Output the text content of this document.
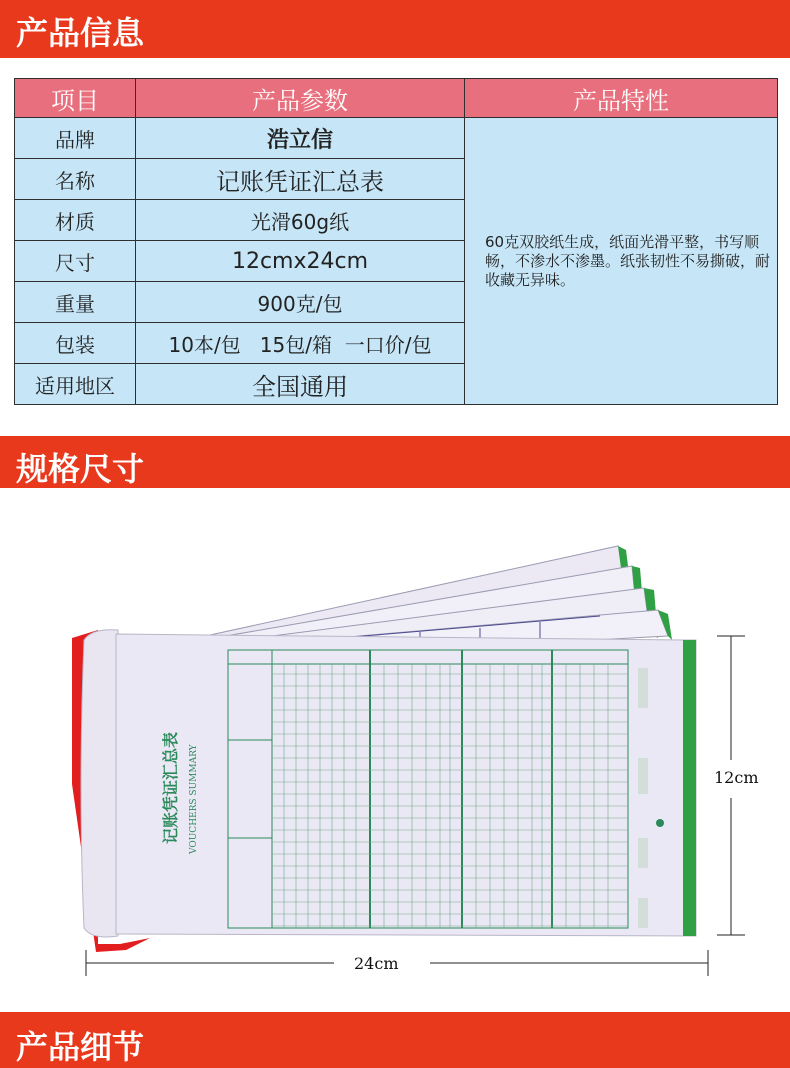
产品信息
项目	产品参数	产品特性
品牌	浩立信	60克双胶纸生成，纸面光滑平整，书写顺畅，不渗水不渗墨。纸张韧性不易撕破，耐收藏无异味。
名称	记账凭证汇总表	
材质	光滑60g纸	
尺寸	12cmx24cm	
重量	900克/包	
包装	10本/包   15包/箱  一口价/包	
适用地区	全国通用	
规格尺寸
记账凭证汇总表 VOUCHERS SUMMARY	12cm
24cm
产品细节
